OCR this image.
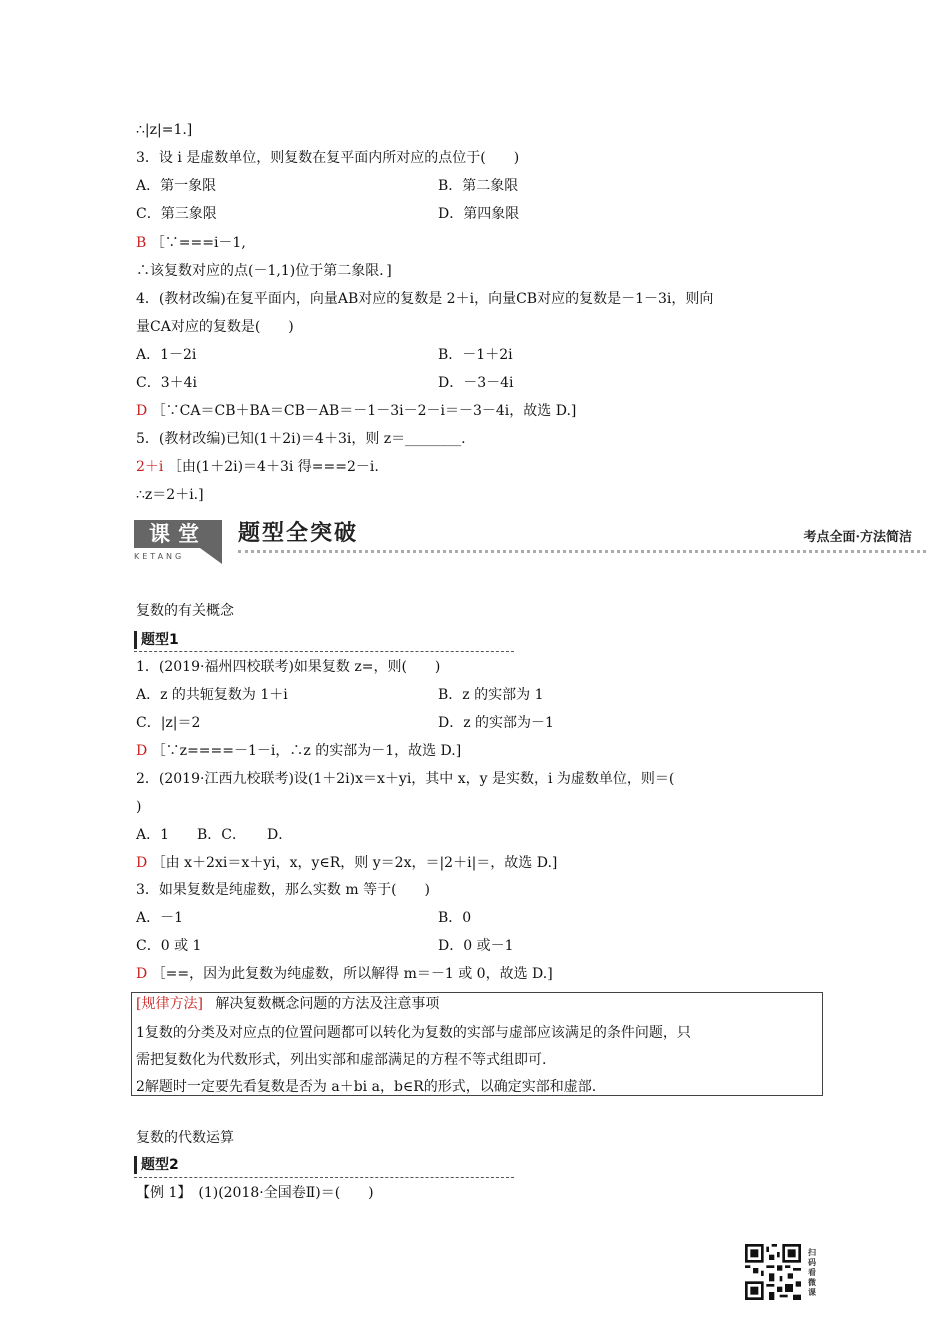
∴|z|=1.]
3．设 i 是虚数单位，则复数在复平面内所对应的点位于(　　)
A．第一象限	B．第二象限
C．第三象限	D．第四象限
B ［∵===i－1,
∴该复数对应的点(－1,1)位于第二象限．]
4．(教材改编)在复平面内，向量AB对应的复数是 2＋i，向量CB对应的复数是－1－3i，则向
量CA对应的复数是(　　)
A．1－2i	B．－1＋2i
C．3＋4i	D．－3－4i
D ［∵CA＝CB＋BA＝CB－AB＝－1－3i－2－i＝－3－4i，故选 D.]
5．(教材改编)已知(1＋2i)＝4＋3i，则 z＝________.
2＋i ［由(1＋2i)＝4＋3i 得===2－i.
∴z＝2＋i.]
课堂
KETANG
题型全突破	考点全面·方法简洁
复数的有关概念
题型1
1．(2019·福州四校联考)如果复数 z=，则(　　)
A．z 的共轭复数为 1＋i	B．z 的实部为 1
C．|z|＝2	D．z 的实部为－1
D ［∵z====－1－i，∴z 的实部为－1，故选 D.]
2．(2019·江西九校联考)设(1＋2i)x＝x＋yi，其中 x，y 是实数，i 为虚数单位，则＝(
)
A．1　　B．C．　　D．
D ［由 x＋2xi＝x＋yi，x，y∈R，则 y＝2x，＝|2＋i|＝，故选 D.]
3．如果复数是纯虚数，那么实数 m 等于(　　)
A．－1	B．0
C．0 或 1	D．0 或－1
D ［==，因为此复数为纯虚数，所以解得 m＝－1 或 0，故选 D.]
[规律方法] 解决复数概念问题的方法及注意事项
1复数的分类及对应点的位置问题都可以转化为复数的实部与虚部应该满足的条件问题，只
需把复数化为代数形式，列出实部和虚部满足的方程不等式组即可.
2解题时一定要先看复数是否为 a＋bi a，b∈R的形式，以确定实部和虚部.
复数的代数运算
题型2
【例 1】　(1)(2018·全国卷Ⅱ)＝(　　)
扫码看微课
